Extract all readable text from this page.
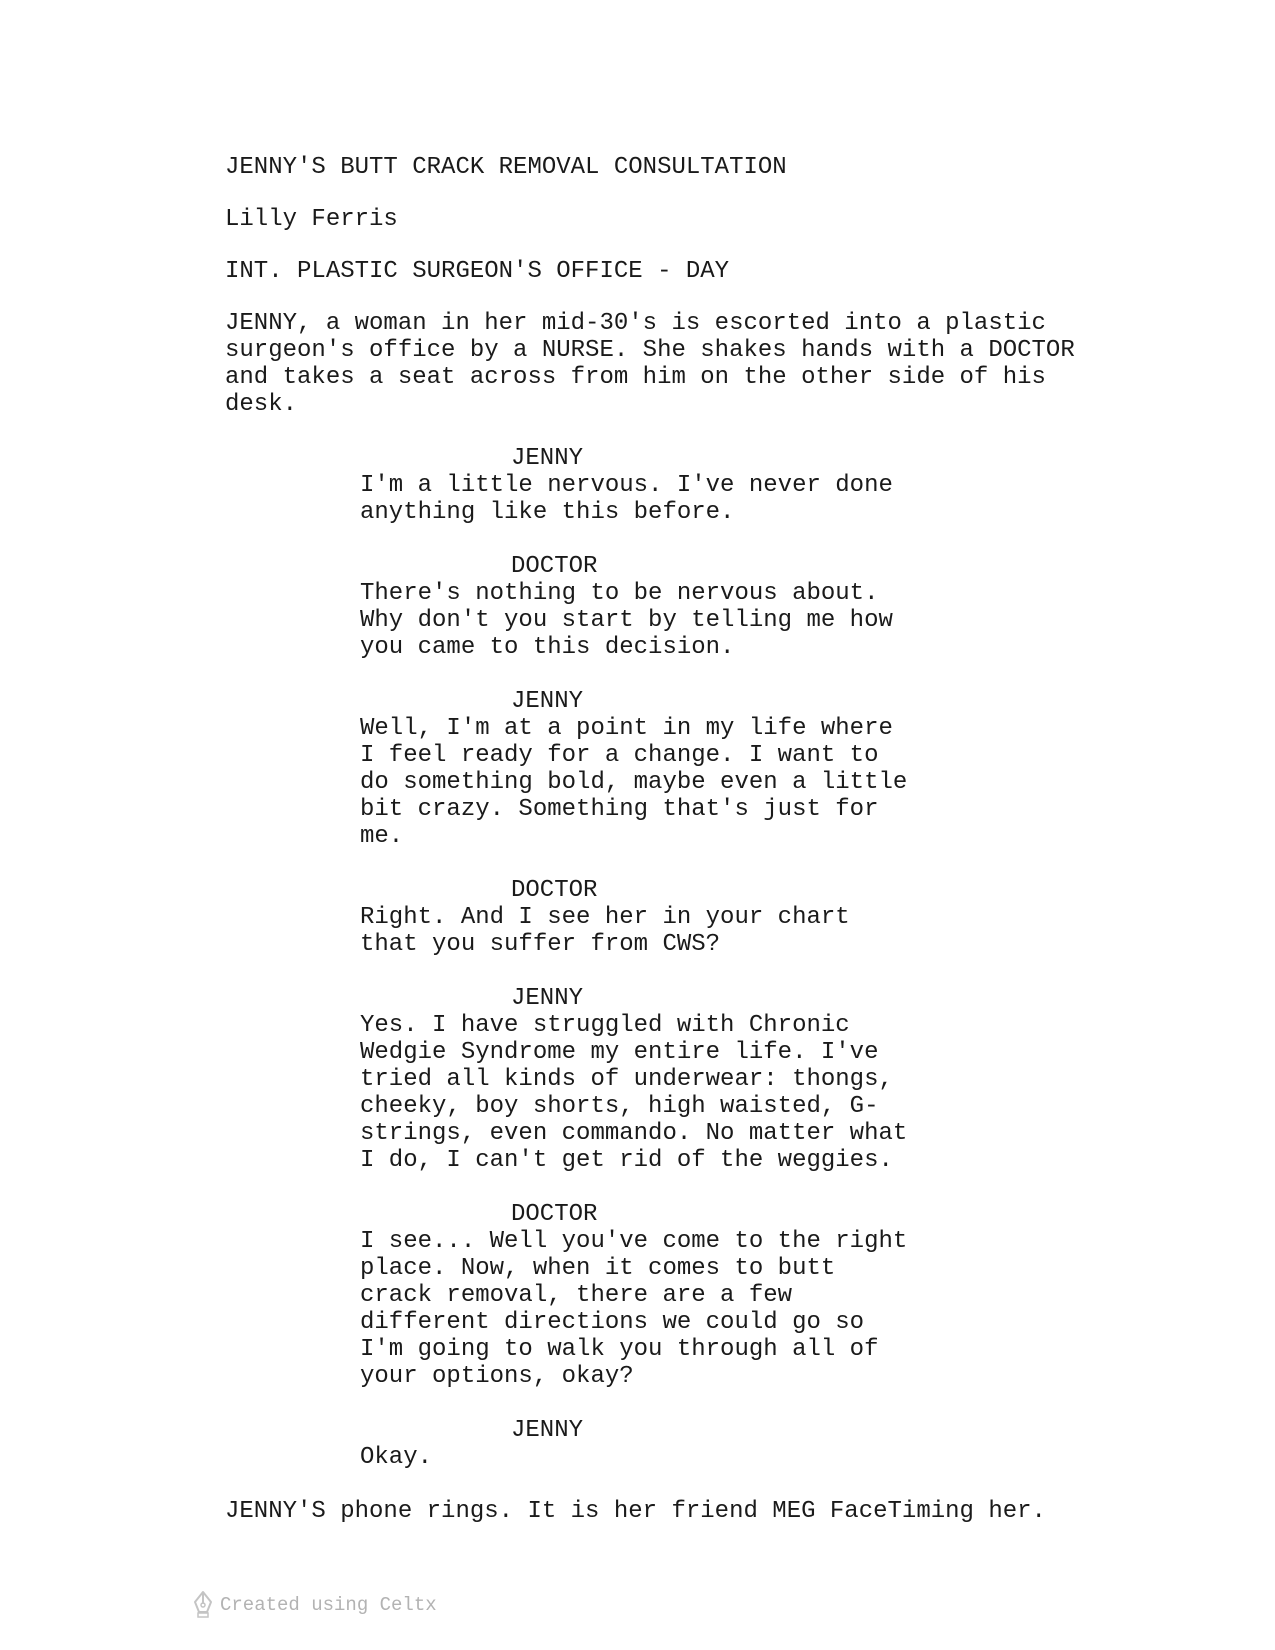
JENNY'S BUTT CRACK REMOVAL CONSULTATION

Lilly Ferris

INT. PLASTIC SURGEON'S OFFICE - DAY

JENNY, a woman in her mid-30's is escorted into a plastic

surgeon's office by a NURSE. She shakes hands with a DOCTOR

and takes a seat across from him on the other side of his

desk.

JENNY

I'm a little nervous. I've never done

anything like this before.

DOCTOR

There's nothing to be nervous about.

Why don't you start by telling me how

you came to this decision.

JENNY

Well, I'm at a point in my life where

I feel ready for a change. I want to

do something bold, maybe even a little

bit crazy. Something that's just for

me.

DOCTOR

Right. And I see her in your chart

that you suffer from CWS?

JENNY

Yes. I have struggled with Chronic

Wedgie Syndrome my entire life. I've

tried all kinds of underwear: thongs,

cheeky, boy shorts, high waisted, G-

strings, even commando. No matter what

I do, I can't get rid of the weggies.

DOCTOR

I see... Well you've come to the right

place. Now, when it comes to butt

crack removal, there are a few

different directions we could go so

I'm going to walk you through all of

your options, okay?

JENNY

Okay.

JENNY'S phone rings. It is her friend MEG FaceTiming her.

Created using Celtx
